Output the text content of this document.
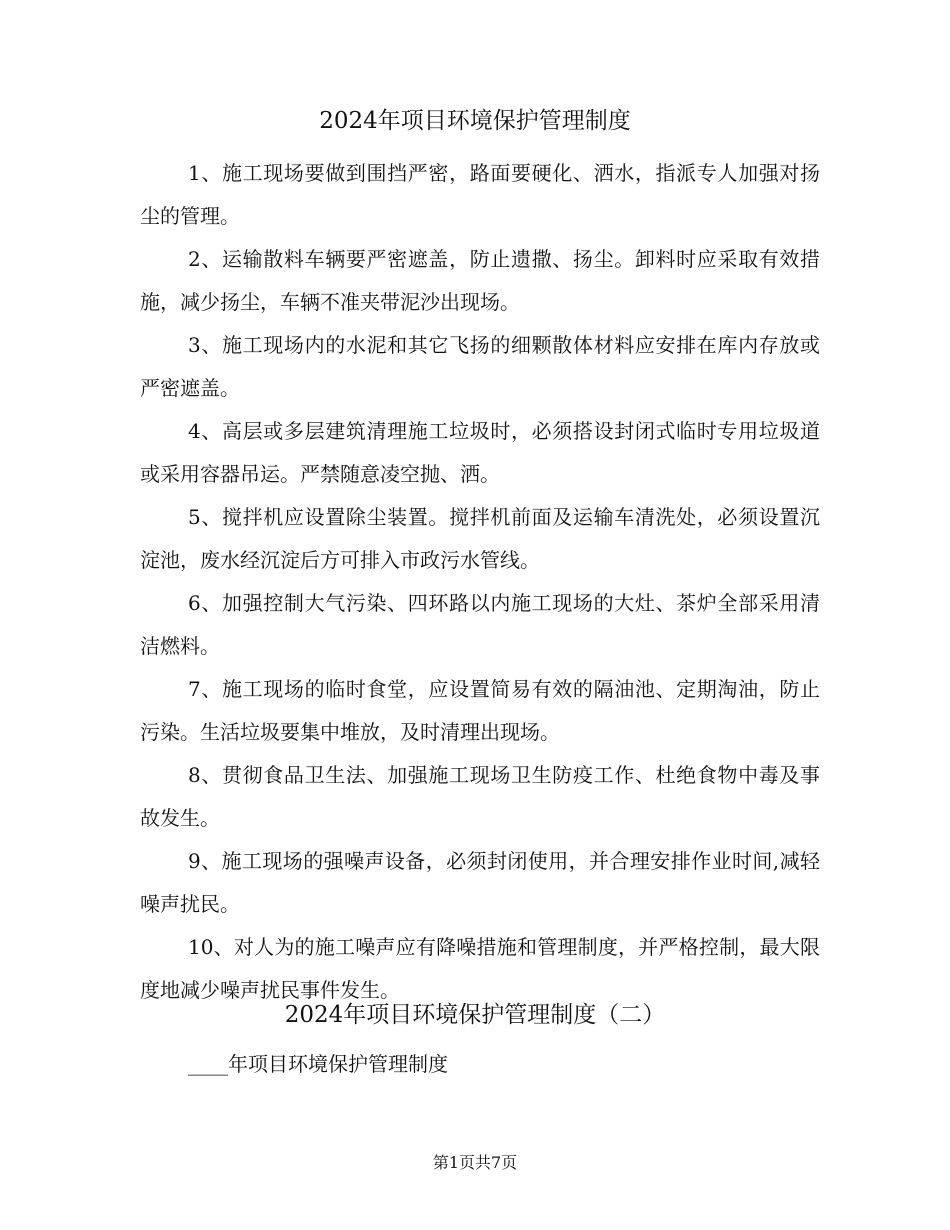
2024年项目环境保护管理制度

1、施工现场要做到围挡严密，路面要硬化、洒水，指派专人加强对扬尘的管理。

2、运输散料车辆要严密遮盖，防止遗撒、扬尘。卸料时应采取有效措施，减少扬尘，车辆不准夹带泥沙出现场。

3、施工现场内的水泥和其它飞扬的细颗散体材料应安排在库内存放或严密遮盖。

4、高层或多层建筑清理施工垃圾时，必须搭设封闭式临时专用垃圾道或采用容器吊运。严禁随意凌空抛、洒。

5、搅拌机应设置除尘装置。搅拌机前面及运输车清洗处，必须设置沉淀池，废水经沉淀后方可排入市政污水管线。

6、加强控制大气污染、四环路以内施工现场的大灶、茶炉全部采用清洁燃料。

7、施工现场的临时食堂，应设置简易有效的隔油池、定期淘油，防止污染。生活垃圾要集中堆放，及时清理出现场。

8、贯彻食品卫生法、加强施工现场卫生防疫工作、杜绝食物中毒及事故发生。

9、施工现场的强噪声设备，必须封闭使用，并合理安排作业时间,减轻噪声扰民。

10、对人为的施工噪声应有降噪措施和管理制度，并严格控制，最大限度地减少噪声扰民事件发生。

2024年项目环境保护管理制度（二）

____年项目环境保护管理制度

第1页共7页
